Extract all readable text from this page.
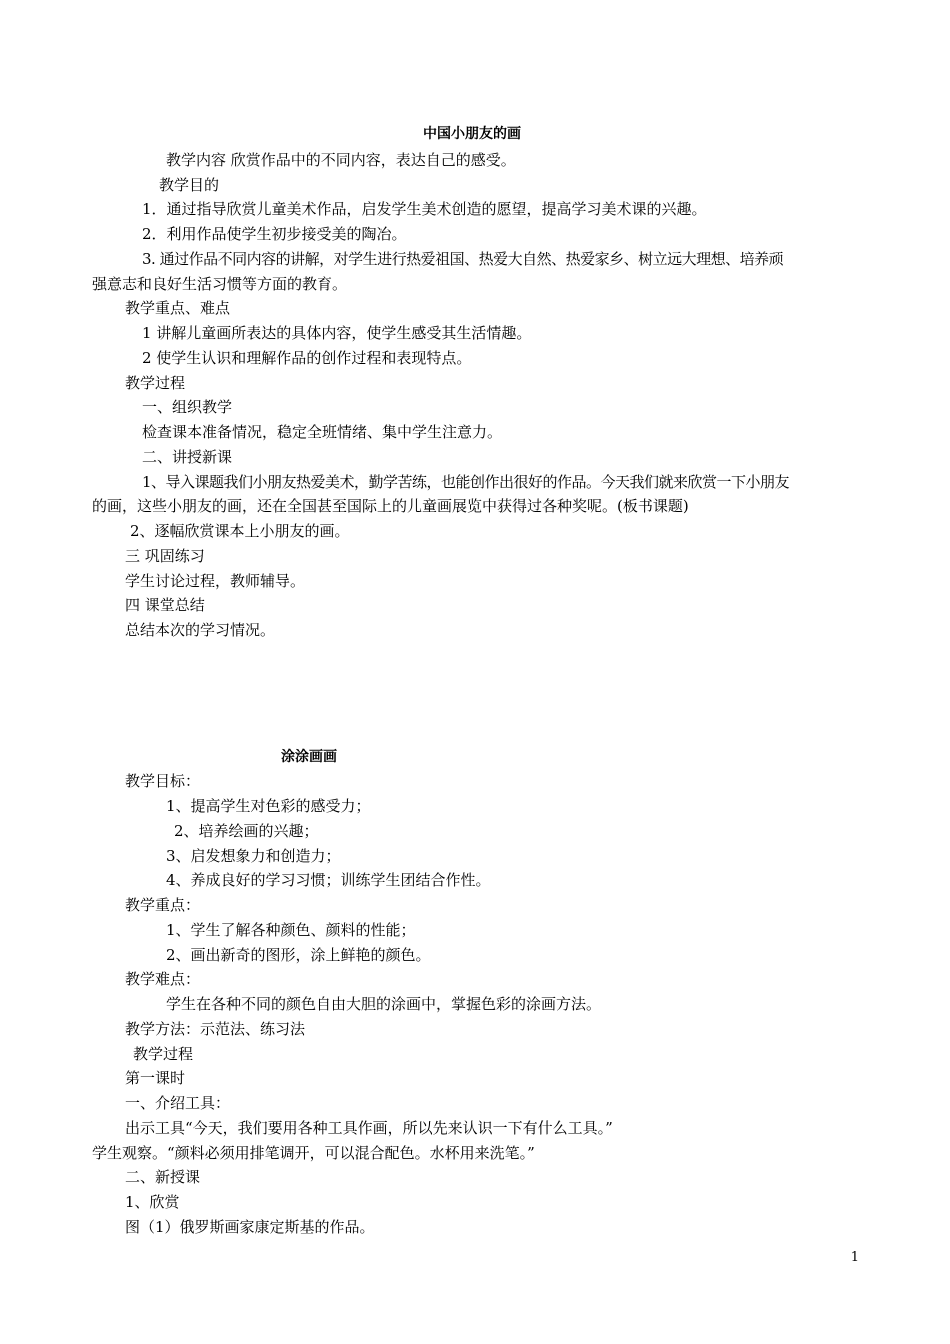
中国小朋友的画
教学内容 欣赏作品中的不同内容，表达自己的感受。
教学目的
1．通过指导欣赏儿童美术作品，启发学生美术创造的愿望，提高学习美术课的兴趣。
2．利用作品使学生初步接受美的陶冶。
3. 通过作品不同内容的讲解，对学生进行热爱祖国、热爱大自然、热爱家乡、树立远大理想、培养顽
强意志和良好生活习惯等方面的教育。
教学重点、难点
1 讲解儿童画所表达的具体内容，使学生感受其生活情趣。
2 使学生认识和理解作品的创作过程和表现特点。
教学过程
一、组织教学
检查课本准备情况，稳定全班情绪、集中学生注意力。
二、讲授新课
1、导入课题我们小朋友热爱美术，勤学苦练，也能创作出很好的作品。今天我们就来欣赏一下小朋友
的画，这些小朋友的画，还在全国甚至国际上的儿童画展览中获得过各种奖呢。(板书课题)
2、逐幅欣赏课本上小朋友的画。
三 巩固练习
学生讨论过程，教师辅导。
四 课堂总结
总结本次的学习情况。
涂涂画画
教学目标：
1、提高学生对色彩的感受力；
2、培养绘画的兴趣；
3、启发想象力和创造力；
4、养成良好的学习习惯；训练学生团结合作性。
教学重点：
1、学生了解各种颜色、颜料的性能；
2、画出新奇的图形，涂上鲜艳的颜色。
教学难点：
学生在各种不同的颜色自由大胆的涂画中，掌握色彩的涂画方法。
教学方法：示范法、练习法
教学过程
第一课时
一、介绍工具：
出示工具“今天，我们要用各种工具作画，所以先来认识一下有什么工具。”
学生观察。“颜料必须用排笔调开，可以混合配色。水杯用来洗笔。”
二、新授课
1、欣赏
图（1）俄罗斯画家康定斯基的作品。
1
